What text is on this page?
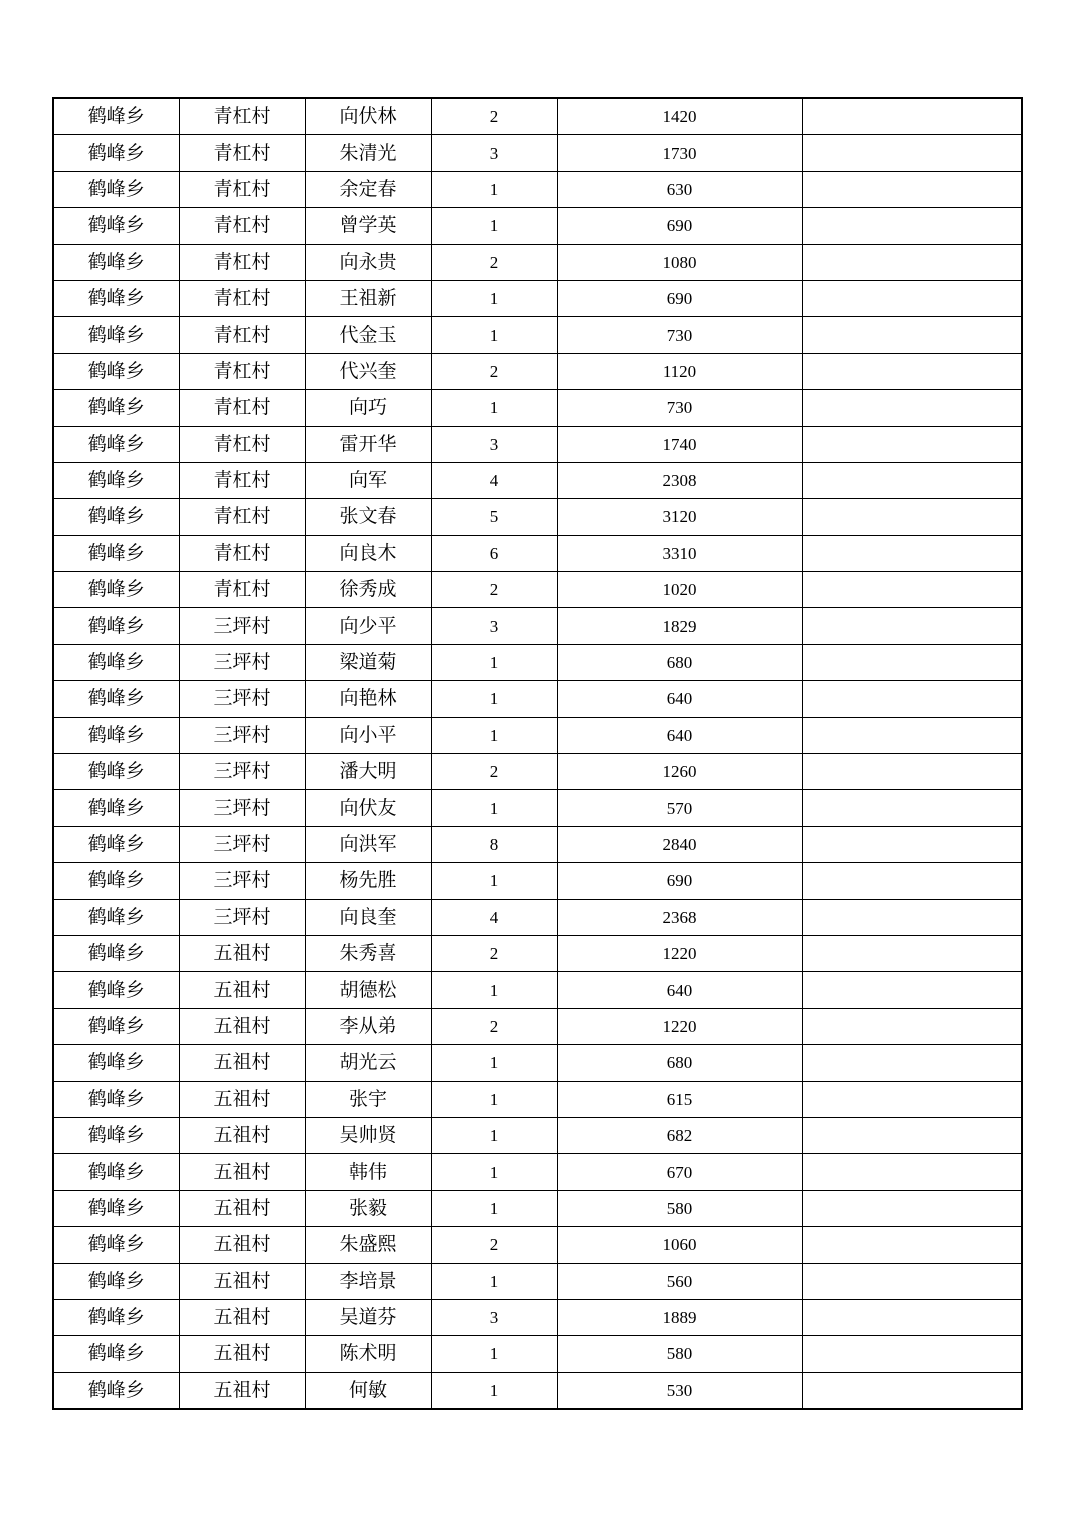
鹤峰乡	青杠村	向伏林	2	1420	
鹤峰乡	青杠村	朱清光	3	1730	
鹤峰乡	青杠村	余定春	1	630	
鹤峰乡	青杠村	曾学英	1	690	
鹤峰乡	青杠村	向永贵	2	1080	
鹤峰乡	青杠村	王祖新	1	690	
鹤峰乡	青杠村	代金玉	1	730	
鹤峰乡	青杠村	代兴奎	2	1120	
鹤峰乡	青杠村	向巧	1	730	
鹤峰乡	青杠村	雷开华	3	1740	
鹤峰乡	青杠村	向军	4	2308	
鹤峰乡	青杠村	张文春	5	3120	
鹤峰乡	青杠村	向良木	6	3310	
鹤峰乡	青杠村	徐秀成	2	1020	
鹤峰乡	三坪村	向少平	3	1829	
鹤峰乡	三坪村	梁道菊	1	680	
鹤峰乡	三坪村	向艳林	1	640	
鹤峰乡	三坪村	向小平	1	640	
鹤峰乡	三坪村	潘大明	2	1260	
鹤峰乡	三坪村	向伏友	1	570	
鹤峰乡	三坪村	向洪军	8	2840	
鹤峰乡	三坪村	杨先胜	1	690	
鹤峰乡	三坪村	向良奎	4	2368	
鹤峰乡	五祖村	朱秀喜	2	1220	
鹤峰乡	五祖村	胡德松	1	640	
鹤峰乡	五祖村	李从弟	2	1220	
鹤峰乡	五祖村	胡光云	1	680	
鹤峰乡	五祖村	张宇	1	615	
鹤峰乡	五祖村	吴帅贤	1	682	
鹤峰乡	五祖村	韩伟	1	670	
鹤峰乡	五祖村	张毅	1	580	
鹤峰乡	五祖村	朱盛熙	2	1060	
鹤峰乡	五祖村	李培景	1	560	
鹤峰乡	五祖村	吴道芬	3	1889	
鹤峰乡	五祖村	陈术明	1	580	
鹤峰乡	五祖村	何敏	1	530	
